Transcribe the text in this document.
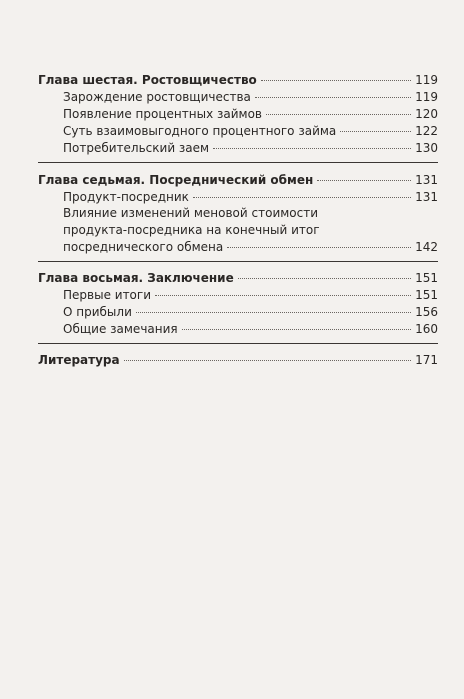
Глава шестая. Ростовщичество	119
Зарождение ростовщичества	119
Появление процентных займов	120
Суть взаимовыгодного процентного займа	122
Потребительский заем	130
Глава седьмая. Посреднический обмен	131
Продукт-посредник	131
Влияние изменений меновой стоимости
продукта-посредника на конечный итог
посреднического обмена	142
Глава восьмая. Заключение	151
Первые итоги	151
О прибыли	156
Общие замечания	160
Литература	171
